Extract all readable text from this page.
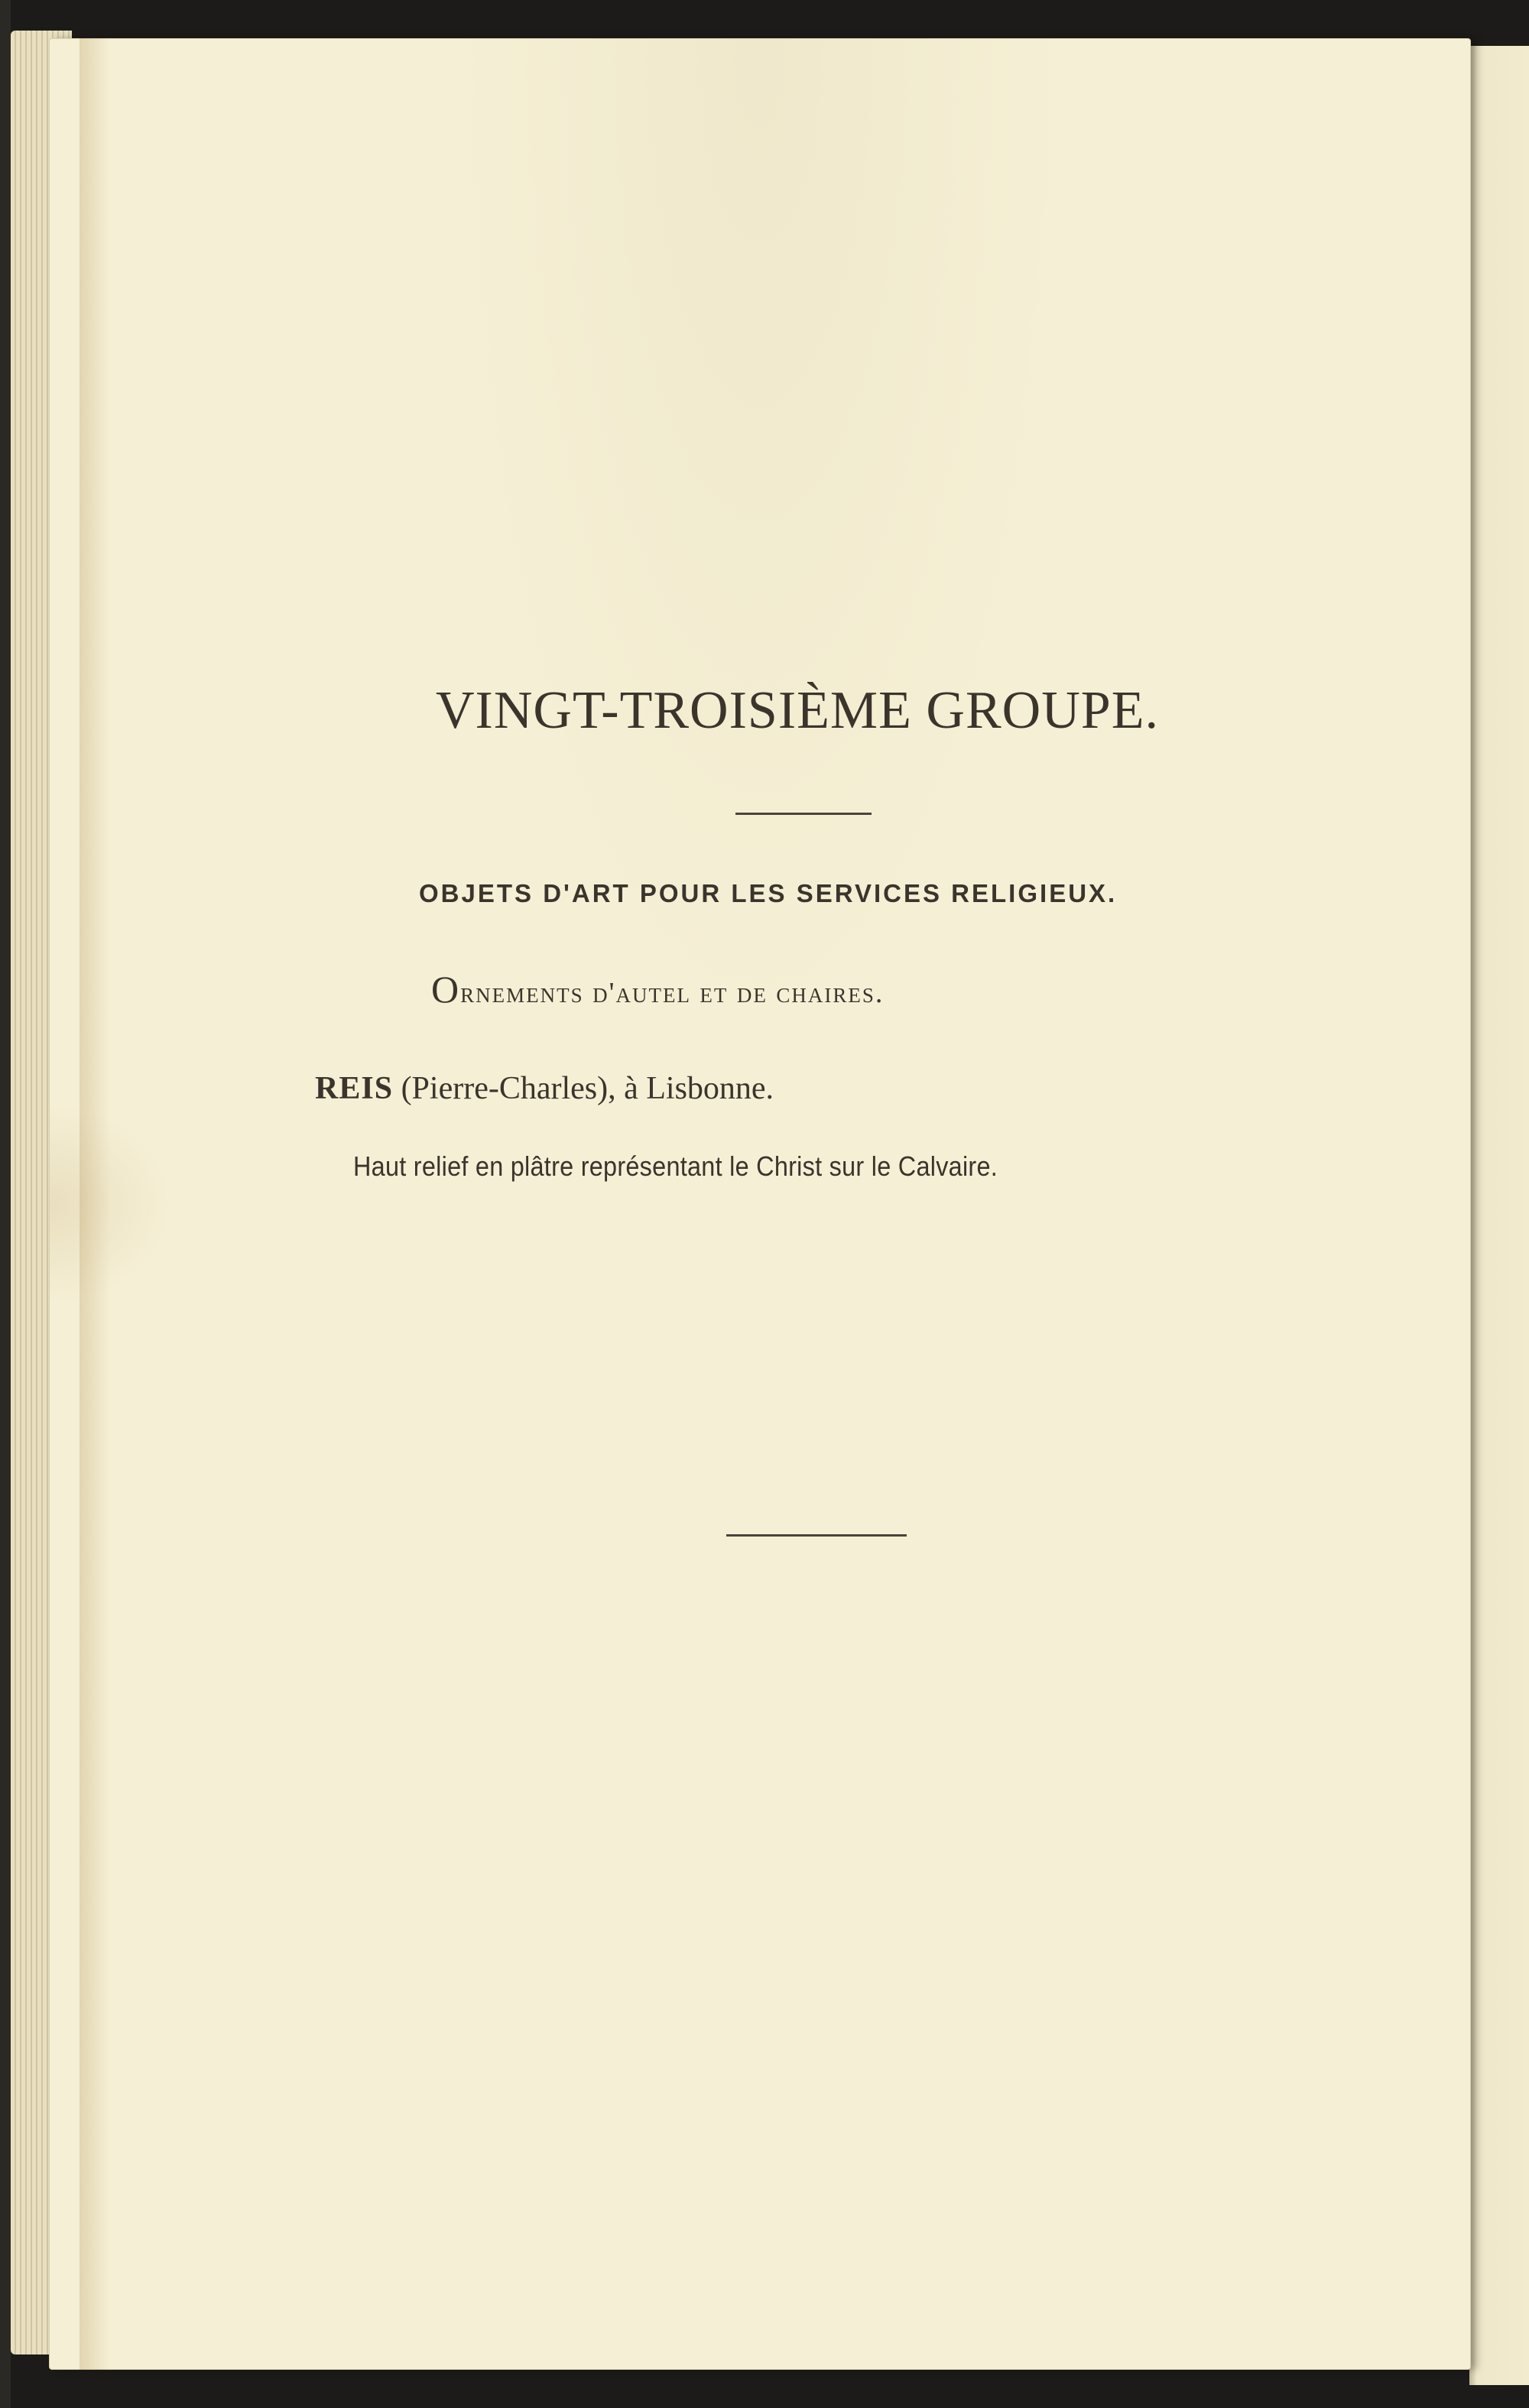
VINGT-TROISIÈME GROUPE.
OBJETS D'ART POUR LES SERVICES RELIGIEUX.
Ornements d'autel et de chaires.
REIS (Pierre-Charles), à Lisbonne.
Haut relief en plâtre représentant le Christ sur le Calvaire.
